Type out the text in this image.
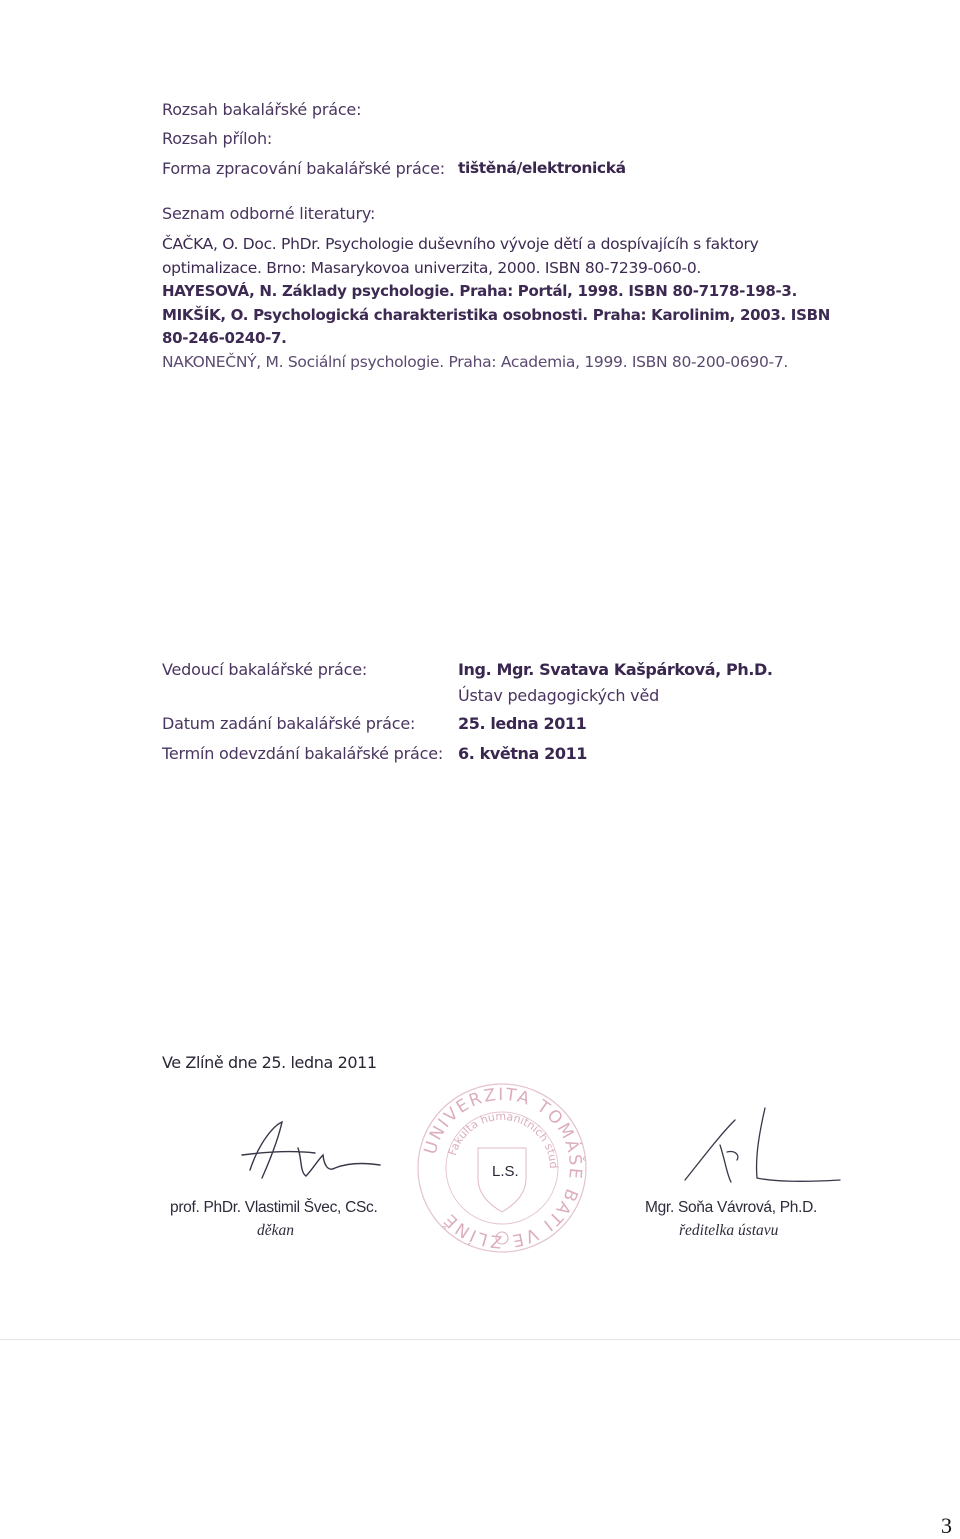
Rozsah bakalářské práce:
Rozsah příloh:
Forma zpracování bakalářské práce: tištěná/elektronická
Seznam odborné literatury:
ČAČKA, O. Doc. PhDr. Psychologie duševního vývoje dětí a dospívajícíh s faktory
optimalizace. Brno: Masarykovoa univerzita, 2000. ISBN 80-7239-060-0.
HAYESOVÁ, N. Základy psychologie. Praha: Portál, 1998. ISBN 80-7178-198-3.
MIKŠÍK, O. Psychologická charakteristika osobnosti. Praha: Karolinim, 2003. ISBN
80-246-0240-7.
NAKONEČNÝ, M. Sociální psychologie. Praha: Academia, 1999. ISBN 80-200-0690-7.
Vedoucí bakalářské práce:	Ing. Mgr. Svatava Kašpárková, Ph.D.
Ústav pedagogických věd
Datum zadání bakalářské práce:	25. ledna 2011
Termín odevzdání bakalářské práce: 6. května 2011
Ve Zlíně dne 25. ledna 2011
UNIVERZITA TOMÁŠE BATI VE ZLÍNĚ
Fakulta humanitních stud
L.S.
prof. PhDr. Vlastimil Švec, CSc.
děkan
Mgr. Soňa Vávrová, Ph.D.
ředitelka ústavu
3
